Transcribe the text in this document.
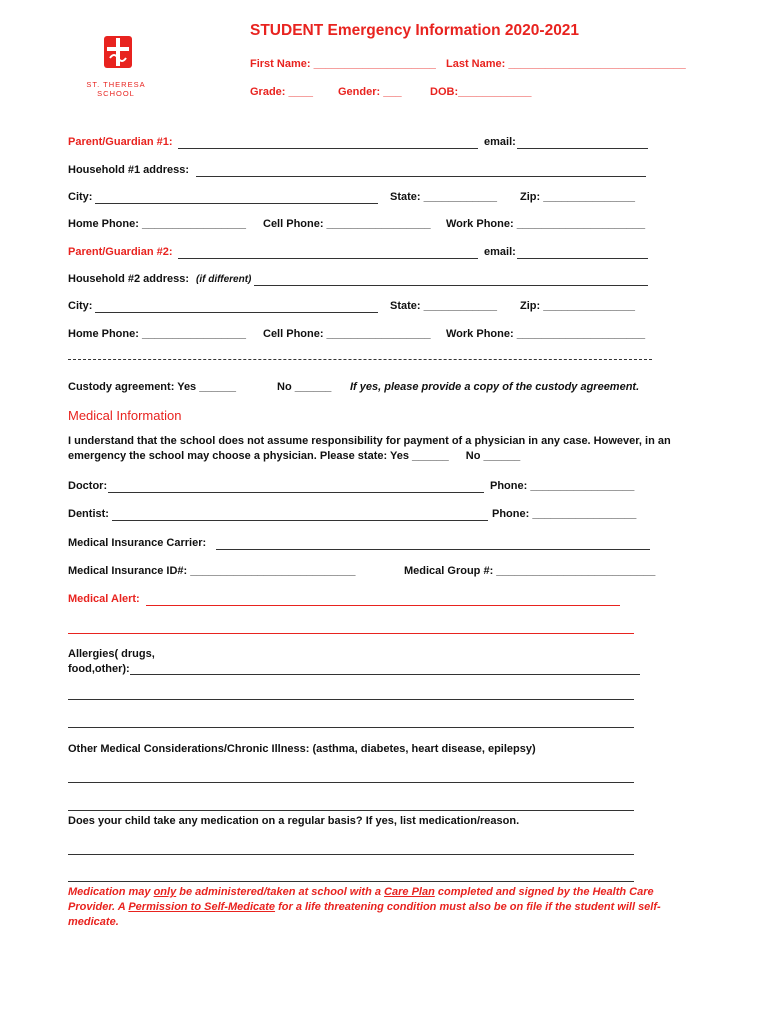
ST. THERESA
SCHOOL
STUDENT Emergency Information 2020-2021
First Name: ____________________ Last Name: _____________________________
Grade: ____ Gender: ___	DOB:____________
Parent/Guardian #1:	email:
Household #1 address:
City:	State: ____________ Zip: _______________
Home Phone: _________________ Cell Phone: _________________ Work Phone: _____________________
Parent/Guardian #2:	email:
Household #2 address: (if different)
City:	State: ____________ Zip: _______________
Home Phone: _________________ Cell Phone: _________________ Work Phone: _____________________
Custody agreement: Yes ______	No ______ If yes, please provide a copy of the custody agreement.
Medical Information
I understand that the school does not assume responsibility for payment of a physician in any case. However, in an emergency the school may choose a physician. Please state: Yes ______ No ______
Doctor:	Phone: _________________
Dentist:	Phone: _________________
Medical Insurance Carrier:
Medical Insurance ID#: ___________________________	Medical Group #: __________________________
Medical Alert:
Allergies( drugs,
food,other):
Other Medical Considerations/Chronic Illness: (asthma, diabetes, heart disease, epilepsy)
Does your child take any medication on a regular basis? If yes, list medication/reason.
Medication may only be administered/taken at school with a Care Plan completed and signed by the Health Care Provider. A Permission to Self-Medicate for a life threatening condition must also be on file if the student will self-medicate.
